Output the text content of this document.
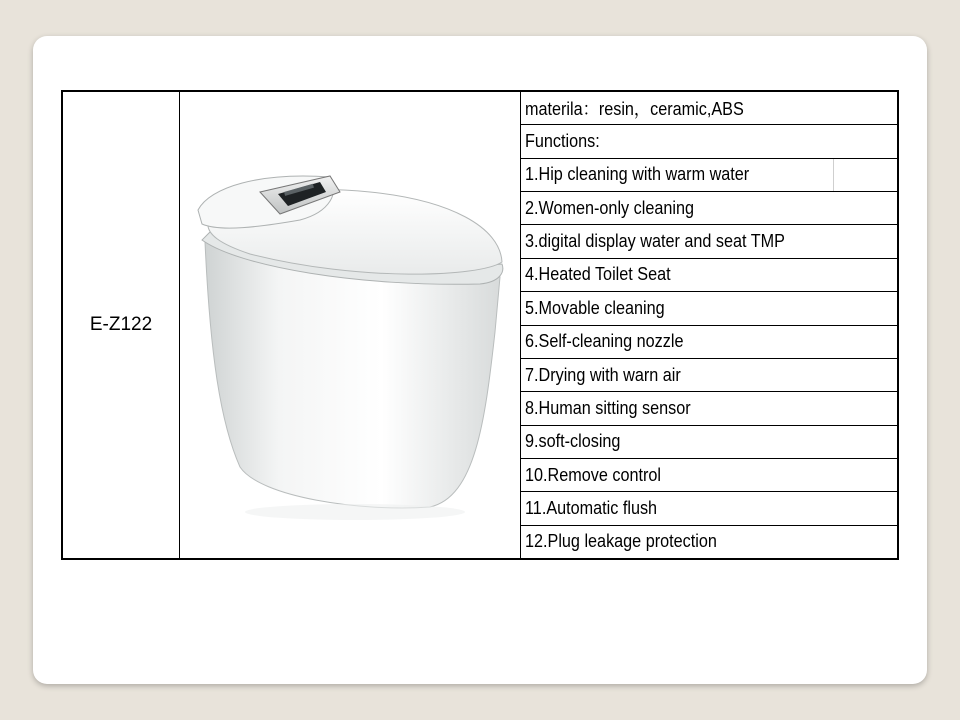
E-Z122
materila：resin，ceramic,ABS
Functions:
1.Hip cleaning with warm water
2.Women-only cleaning
3.digital display water and seat TMP
4.Heated Toilet Seat
5.Movable cleaning
6.Self-cleaning nozzle
7.Drying with warn air
8.Human sitting sensor
9.soft-closing
10.Remove control
11.Automatic flush
12.Plug leakage protection
